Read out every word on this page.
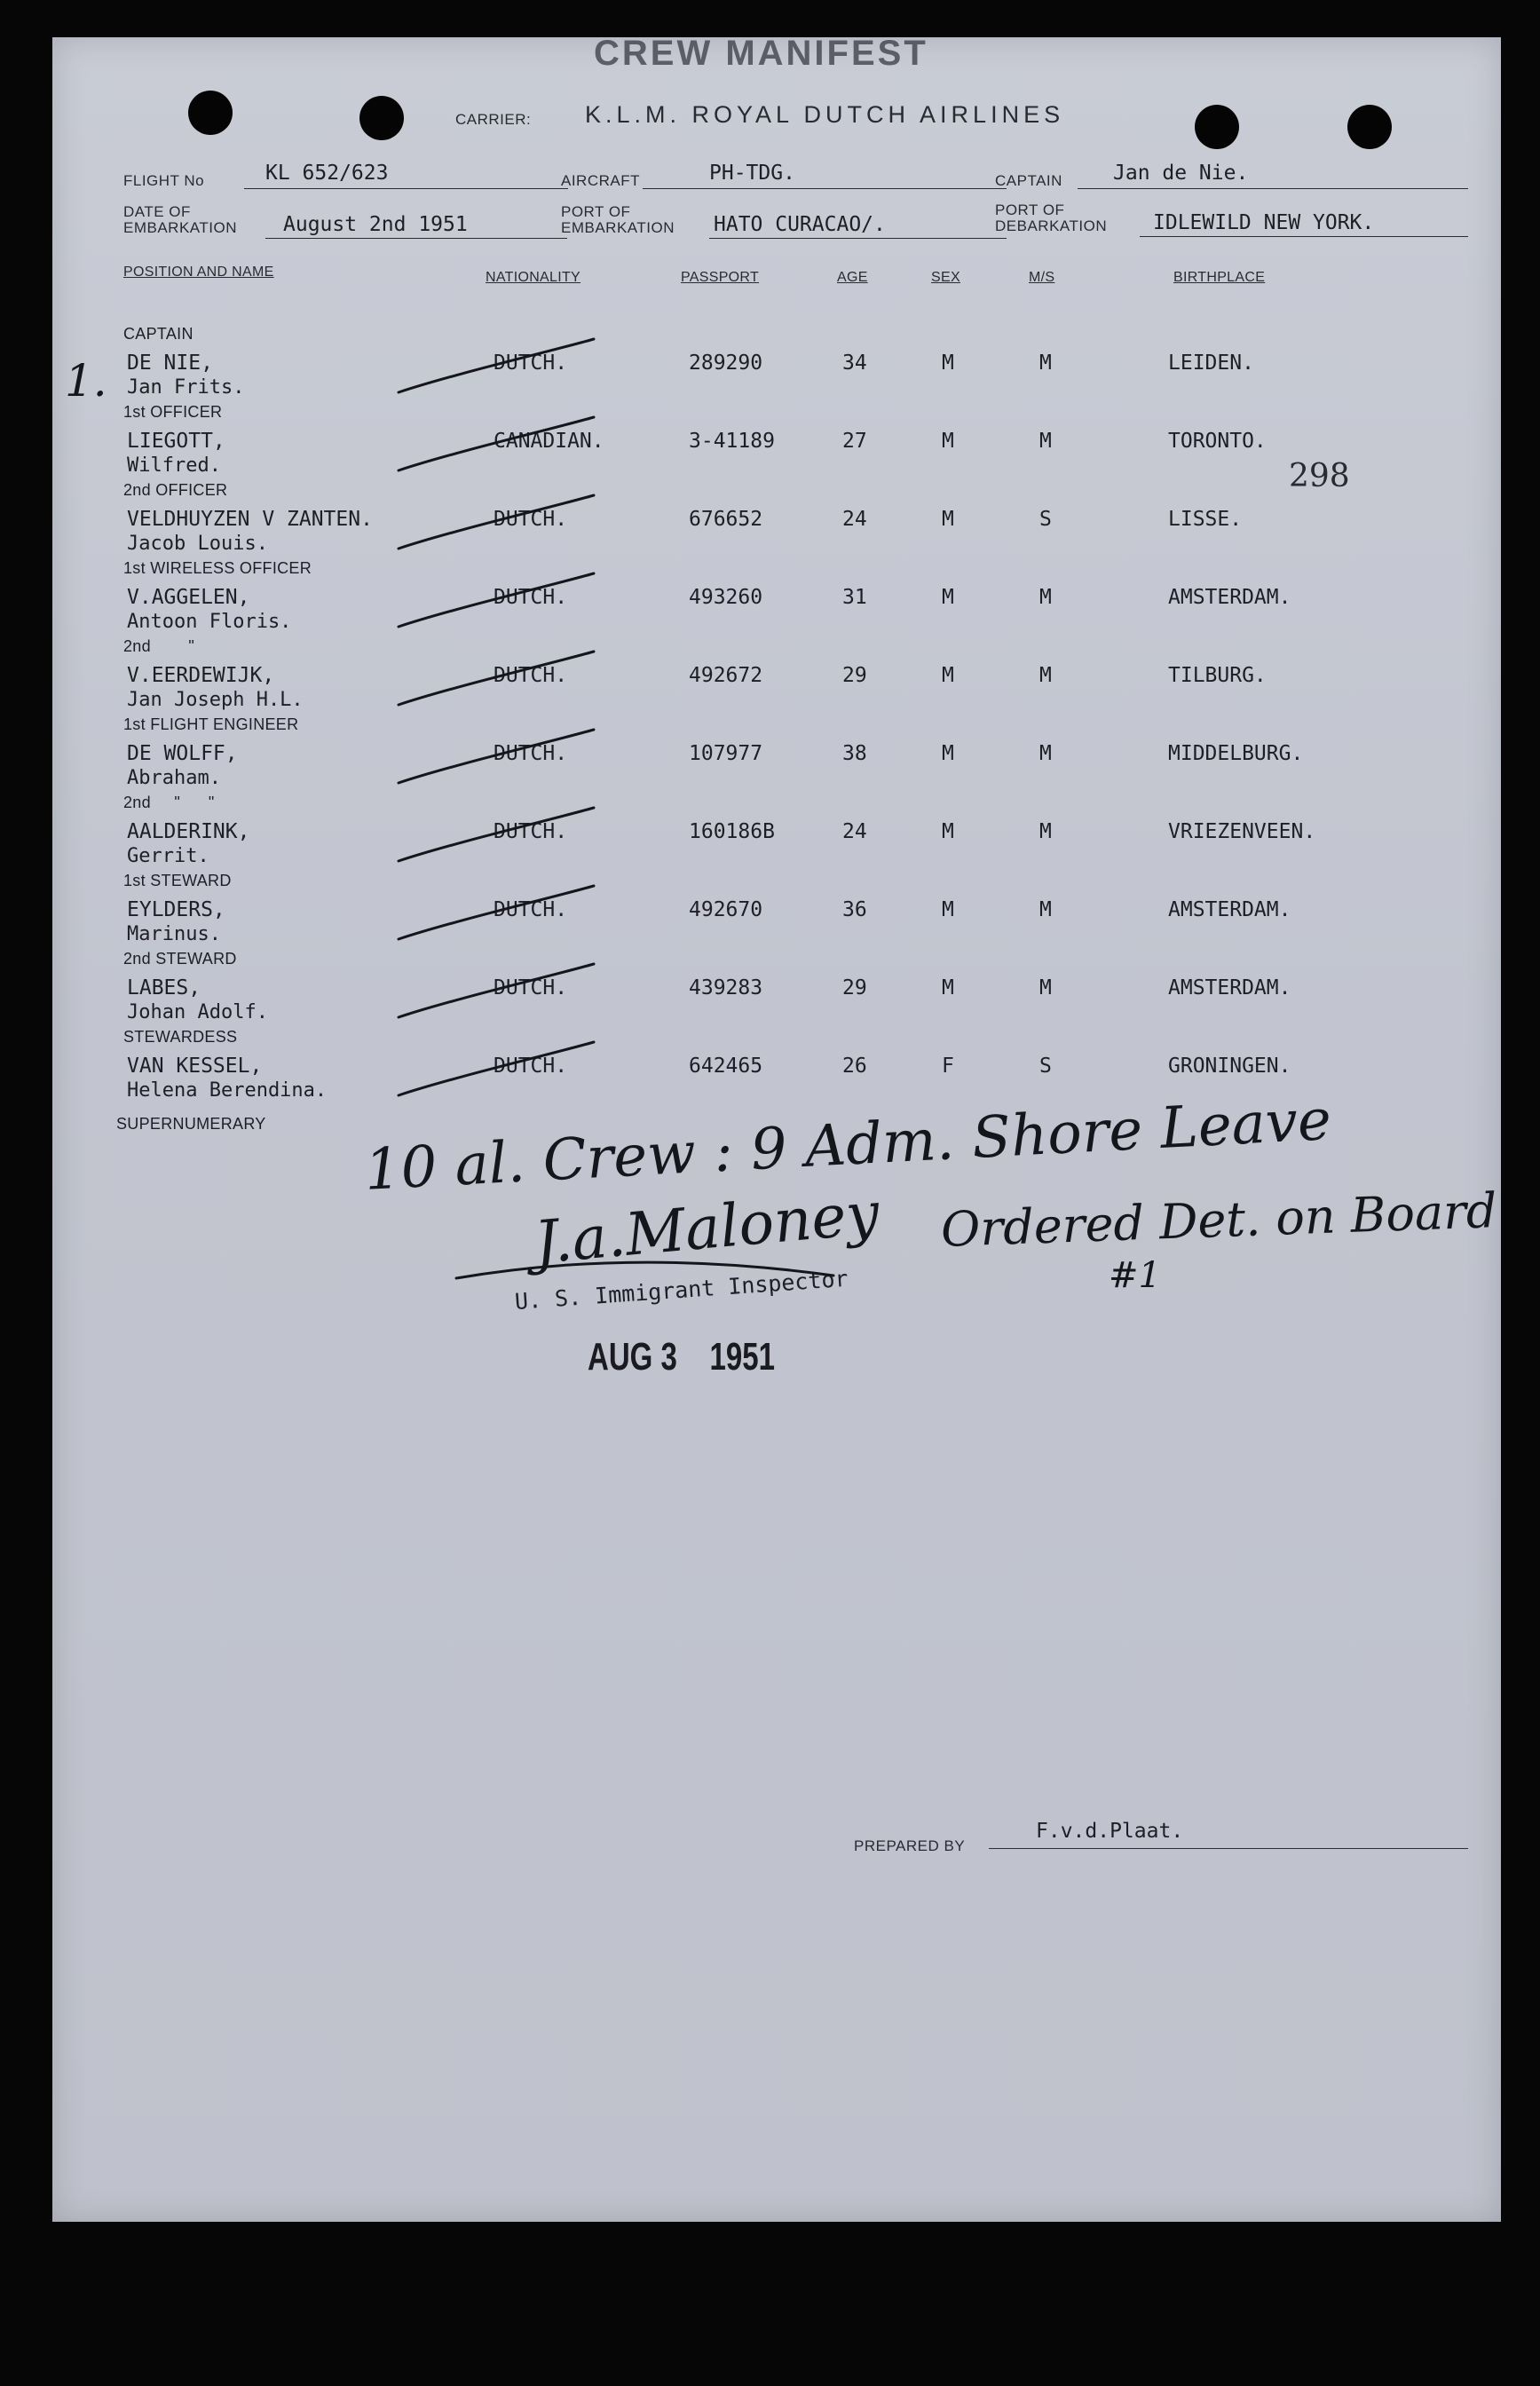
CREW MANIFEST
CARRIER: K.L.M. ROYAL DUTCH AIRLINES
FLIGHT No	KL 652/623	AIRCRAFT	PH-TDG.	CAPTAIN Jan de Nie.
DATE OF
EMBARKATION August 2nd 1951
PORT OF
EMBARKATION HATO CURACAO/.
PORT OF
DEBARKATION IDLEWILD NEW YORK.
POSITION AND NAME	NATIONALITY	PASSPORT	AGE	SEX	M/S	BIRTHPLACE
298
1.
CAPTAIN
DE NIE,
Jan Frits.
DUTCH.	289290	34	M	M	LEIDEN.
1st OFFICER
LIEGOTT,
Wilfred.
CANADIAN.	3-41189	27	M	M	TORONTO.
2nd OFFICER
VELDHUYZEN V ZANTEN.
Jacob Louis.
DUTCH.	676652	24	M	S	LISSE.
1st WIRELESS OFFICER
V.AGGELEN,
Antoon Floris.
DUTCH.	493260	31	M	M	AMSTERDAM.
2nd        "
V.EERDEWIJK,
Jan Joseph H.L.
DUTCH.	492672	29	M	M	TILBURG.
1st FLIGHT ENGINEER
DE WOLFF,
Abraham.
DUTCH.	107977	38	M	M	MIDDELBURG.
2nd     "      "
AALDERINK,
Gerrit.
DUTCH.	160186B	24	M	M	VRIEZENVEEN.
1st STEWARD
EYLDERS,
Marinus.
DUTCH.	492670	36	M	M	AMSTERDAM.
2nd STEWARD
LABES,
Johan Adolf.
DUTCH.	439283	29	M	M	AMSTERDAM.
STEWARDESS
VAN KESSEL,
Helena Berendina.
DUTCH.	642465	26	F	S	GRONINGEN.
SUPERNUMERARY 10 al. Crew : 9 Adm. Shore Leave
Ordered Det. on Board
#1
J.a.Maloney
U. S. Immigrant Inspector
AUG 3    1951
PREPARED BY
F.v.d.Plaat.
